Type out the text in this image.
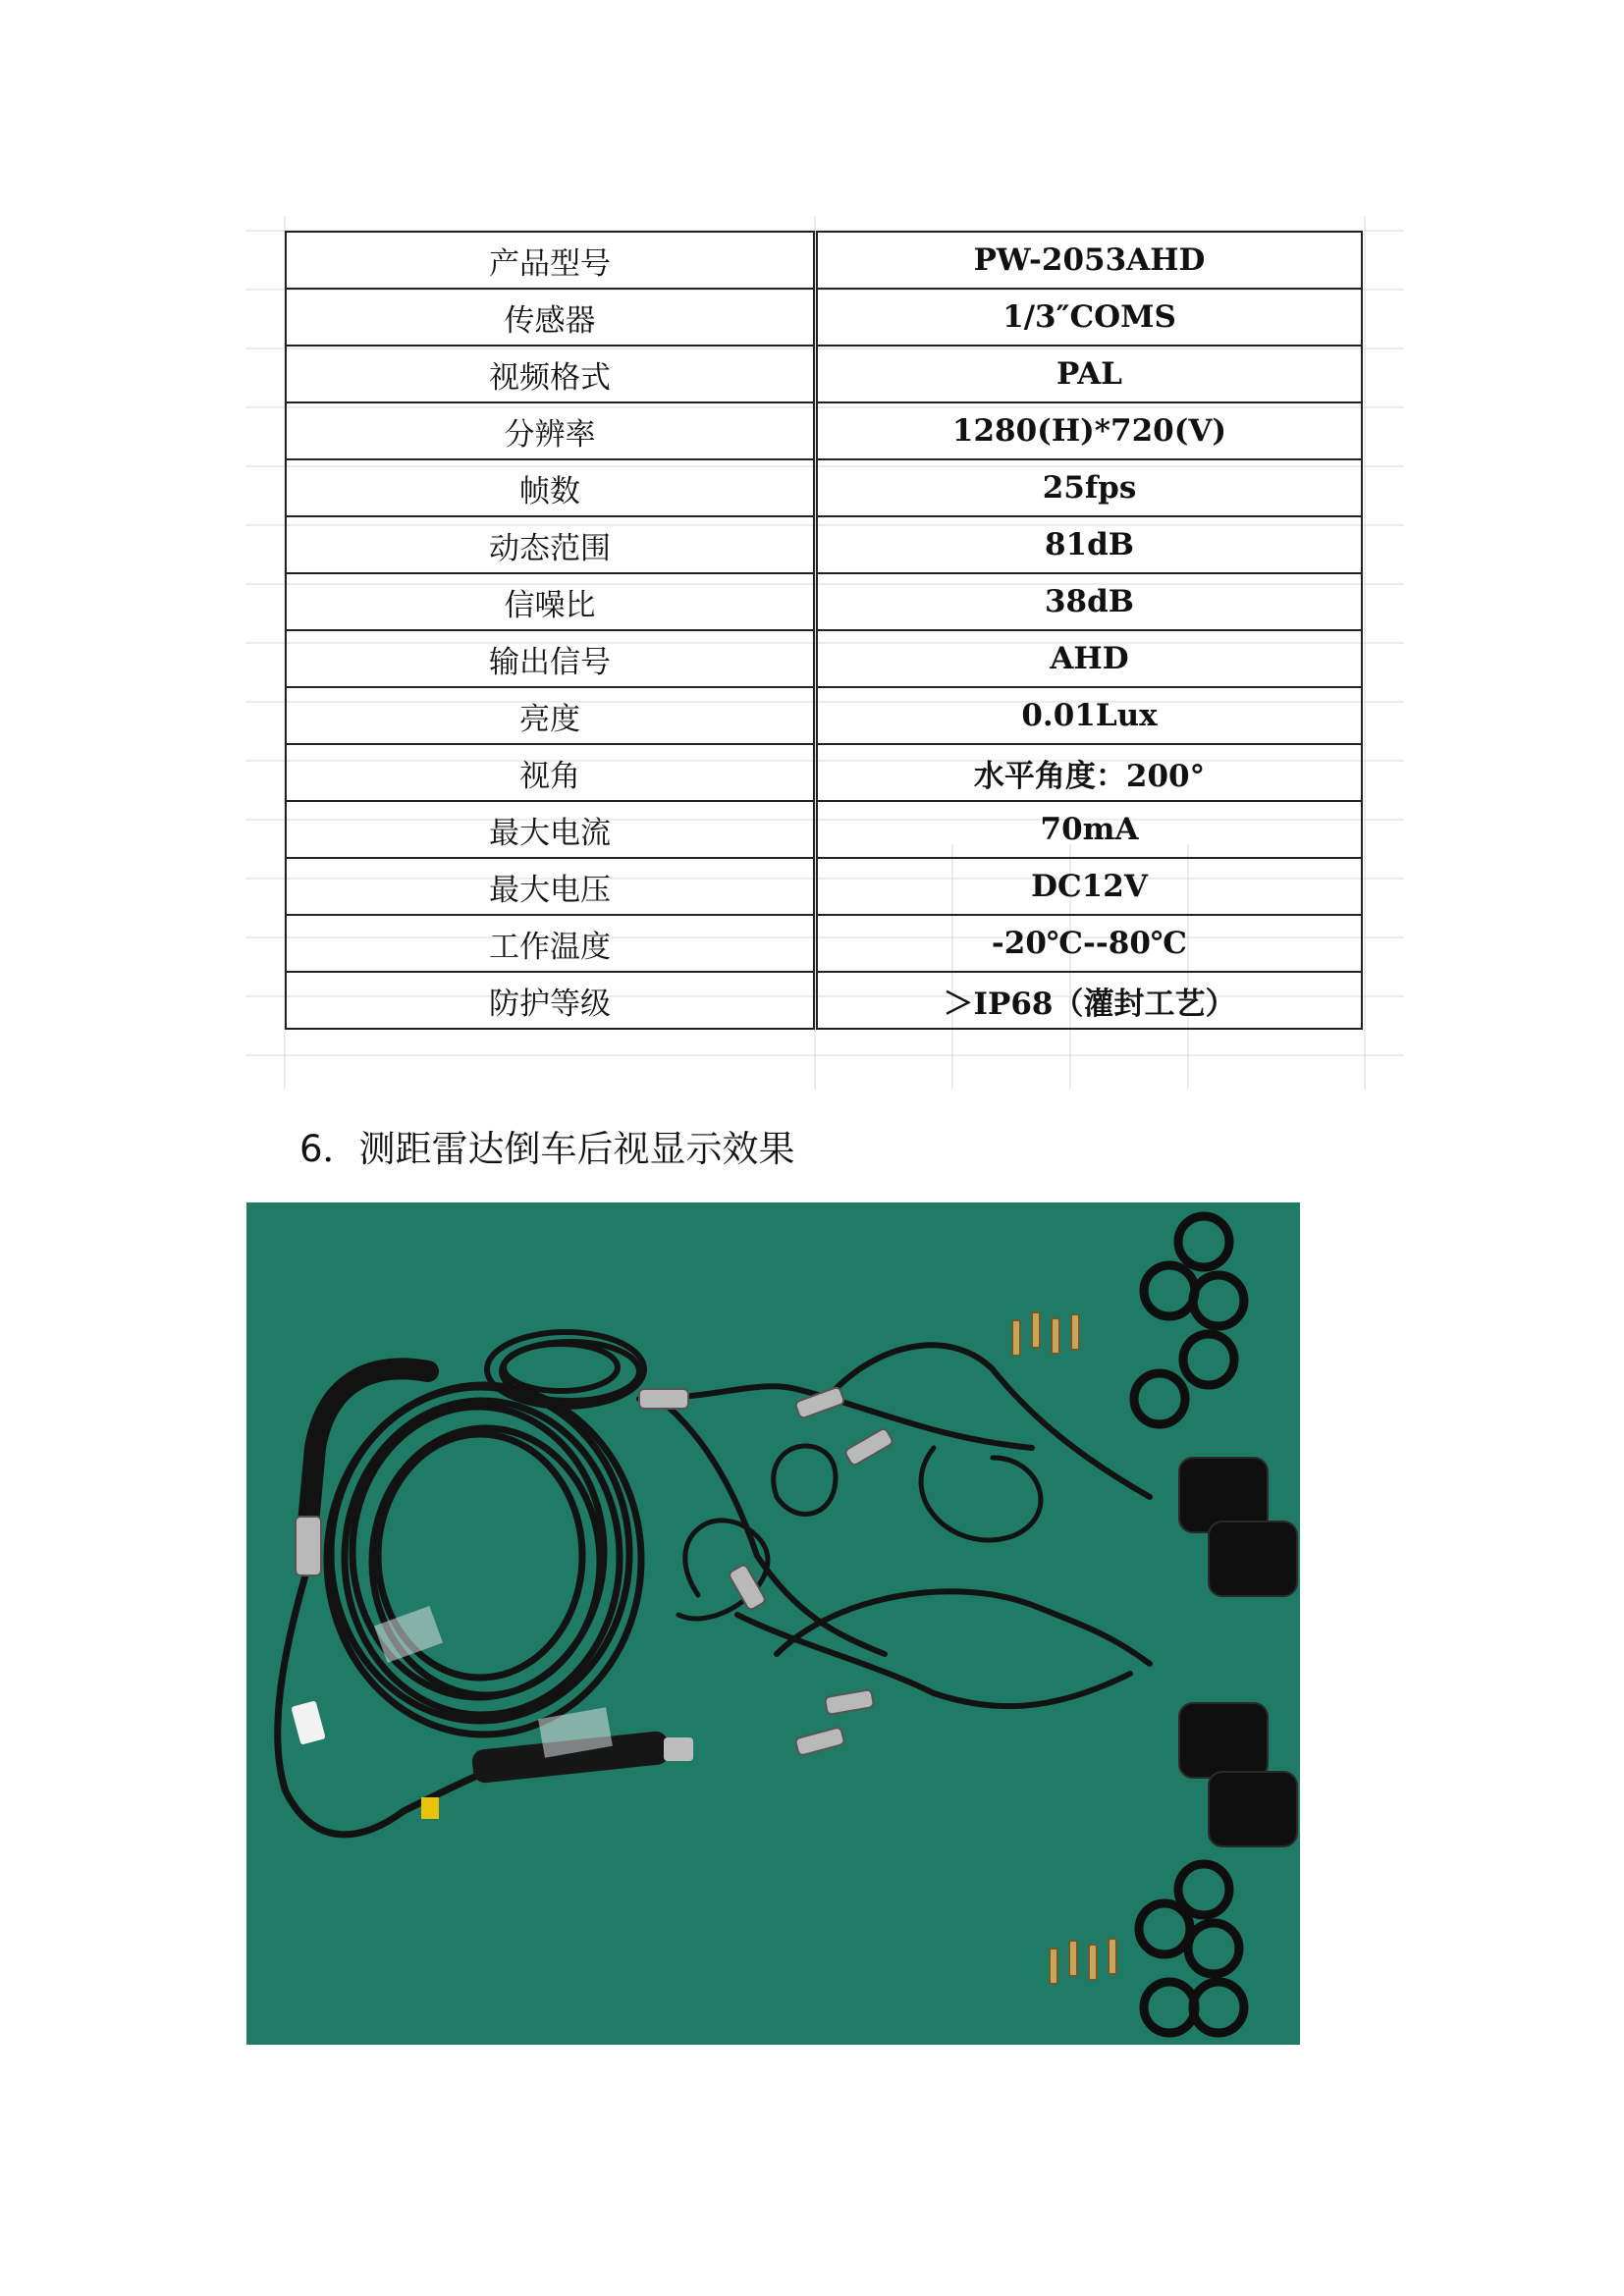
产品型号	PW-2053AHD
传感器	1/3″COMS
视频格式	PAL
分辨率	1280(H)*720(V)
帧数	25fps
动态范围	81dB
信噪比	38dB
输出信号	AHD
亮度	0.01Lux
视角	水平角度：200°
最大电流	70mA
最大电压	DC12V
工作温度	-20℃--80℃
防护等级	＞IP68（灌封工艺）
6．测距雷达倒车后视显示效果
